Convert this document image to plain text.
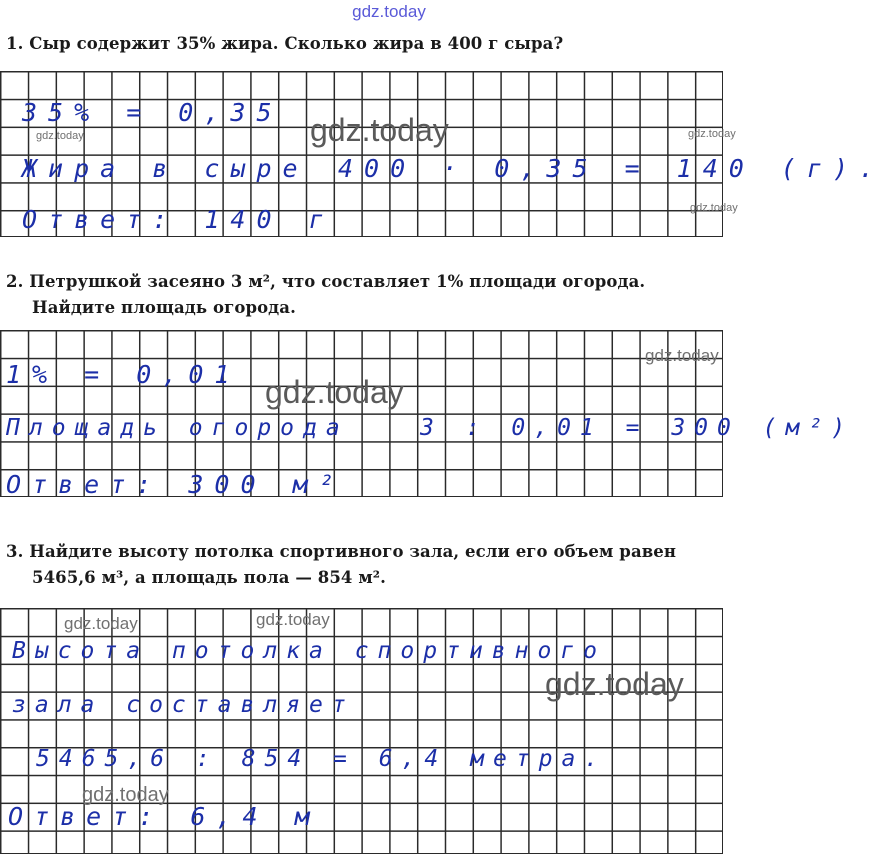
gdz.today
1. Сыр содержит 35% жира. Сколько жира в 400 г сыра?
35% = 0,35
Жира в сыре 400 · 0,35 = 140 (г).
Ответ: 140 г
gdz.today
gdz.today	gdz.today
gdz.today
2. Петрушкой засеяно 3 м², что составляет 1% площади огорода.
Найдите площадь огорода.
1% = 0,01
Площадь огорода	3 : 0,01 = 300 (м²)
Ответ: 300 м²
gdz.today
gdz.today
3. Найдите высоту потолка спортивного зала, если его объем равен
5465,6 м³, а площадь пола — 854 м².
Высота потолка спортивного
зала составляет
5465,6 : 854 = 6,4 метра.
Ответ: 6,4 м
gdz.today	gdz.today
gdz.today
gdz.today
